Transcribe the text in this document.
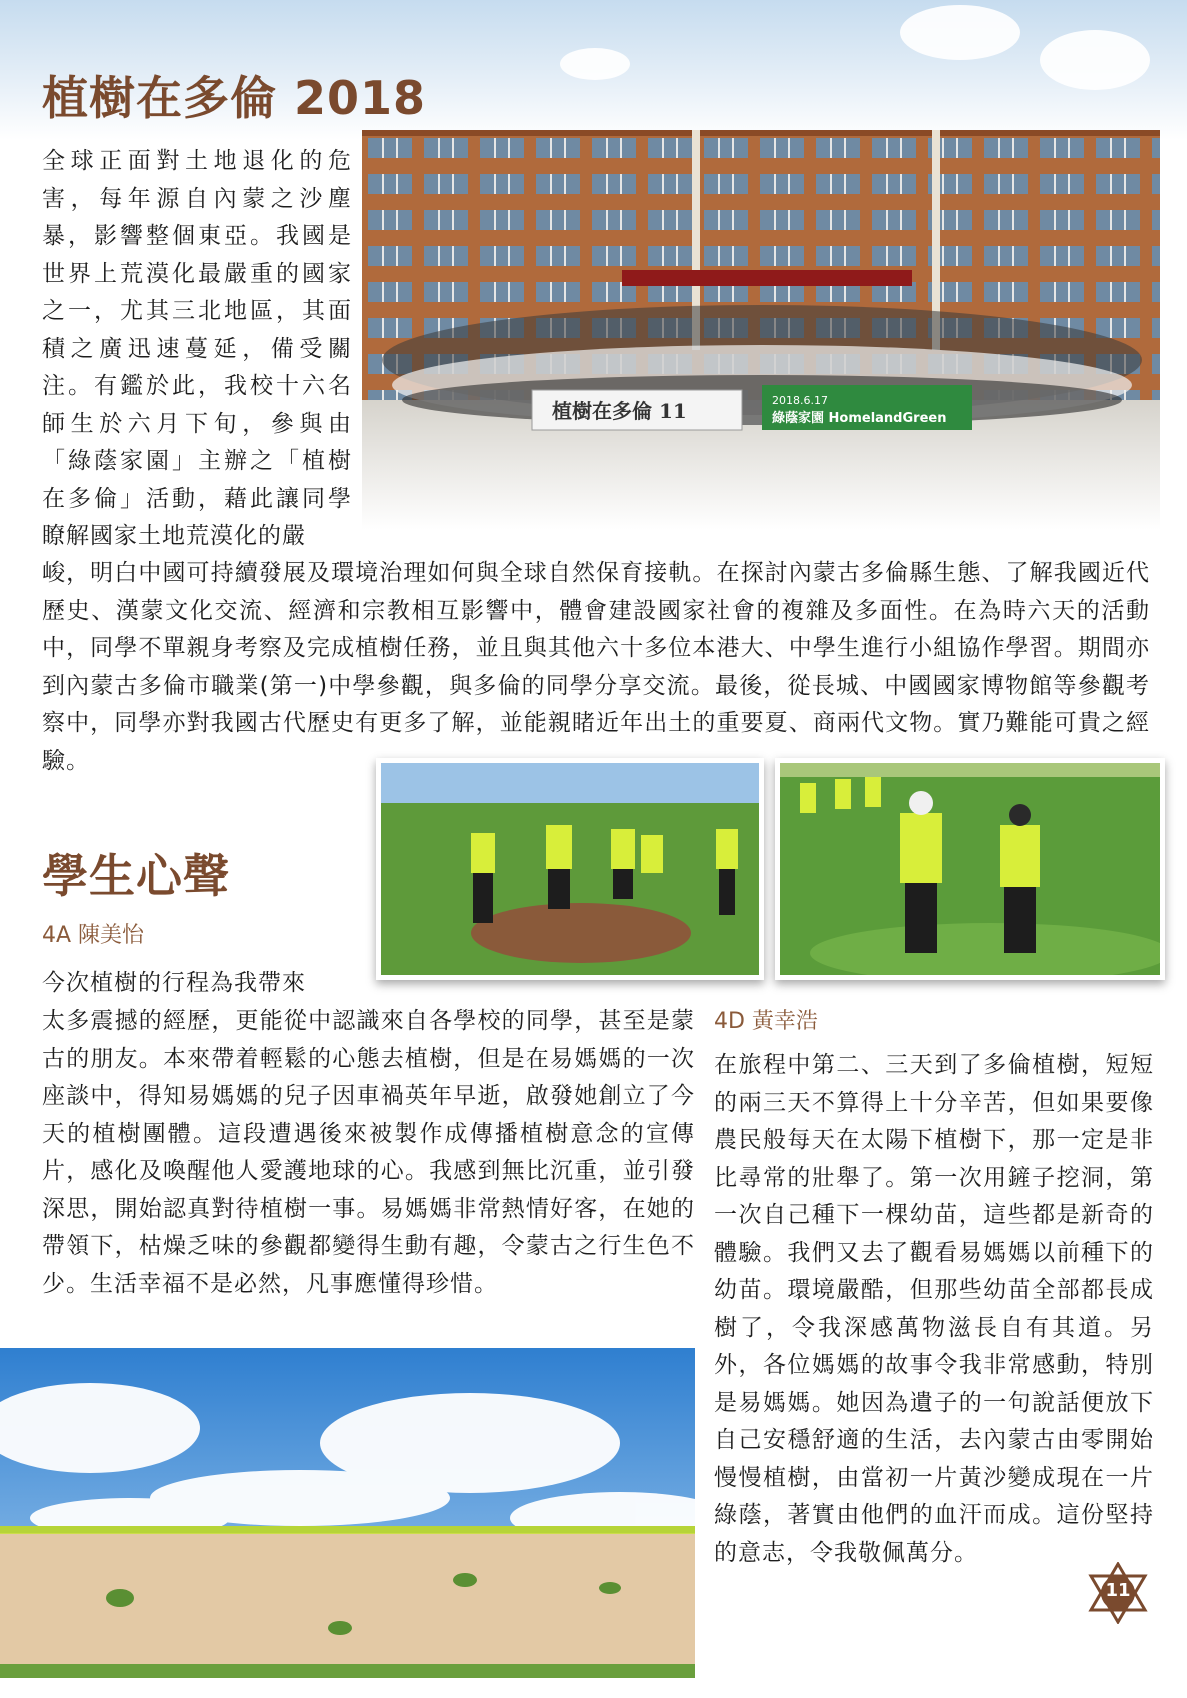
植樹在多倫 2018

全球正面對土地退化的危害，每年源自內蒙之沙塵暴，影響整個東亞。我國是世界上荒漠化最嚴重的國家之一，尤其三北地區，其面積之廣迅速蔓延，備受關注。有鑑於此，我校十六名師生於六月下旬，參與由「綠蔭家園」主辦之「植樹在多倫」活動，藉此讓同學瞭解國家土地荒漠化的嚴

植樹在多倫 11	2018.6.17
綠蔭家園 HomelandGreen

峻，明白中國可持續發展及環境治理如何與全球自然保育接軌。在探討內蒙古多倫縣生態、了解我國近代歷史、漢蒙文化交流、經濟和宗教相互影響中，體會建設國家社會的複雜及多面性。在為時六天的活動中，同學不單親身考察及完成植樹任務，並且與其他六十多位本港大、中學生進行小組協作學習。期間亦到內蒙古多倫市職業(第一)中學參觀，與多倫的同學分享交流。最後，從長城、中國國家博物館等參觀考察中，同學亦對我國古代歷史有更多了解，並能親睹近年出土的重要夏、商兩代文物。實乃難能可貴之經驗。

學生心聲

4A 陳美怡

今次植樹的行程為我帶來

太多震撼的經歷，更能從中認識來自各學校的同學，甚至是蒙古的朋友。本來帶着輕鬆的心態去植樹，但是在易媽媽的一次座談中，得知易媽媽的兒子因車禍英年早逝，啟發她創立了今天的植樹團體。這段遭遇後來被製作成傳播植樹意念的宣傳片，感化及喚醒他人愛護地球的心。我感到無比沉重，並引發深思，開始認真對待植樹一事。易媽媽非常熱情好客，在她的帶領下，枯燥乏味的參觀都變得生動有趣，令蒙古之行生色不少。生活幸福不是必然，凡事應懂得珍惜。

4D 黃幸浩

在旅程中第二、三天到了多倫植樹，短短的兩三天不算得上十分辛苦，但如果要像農民般每天在太陽下植樹下，那一定是非比尋常的壯舉了。第一次用鏟子挖洞，第一次自己種下一棵幼苗，這些都是新奇的體驗。我們又去了觀看易媽媽以前種下的幼苗。環境嚴酷，但那些幼苗全部都長成樹了，令我深感萬物滋長自有其道。另外，各位媽媽的故事令我非常感動，特別是易媽媽。她因為遺子的一句說話便放下自己安穩舒適的生活，去內蒙古由零開始慢慢植樹，由當初一片黃沙變成現在一片綠蔭，著實由他們的血汗而成。這份堅持的意志，令我敬佩萬分。

11
